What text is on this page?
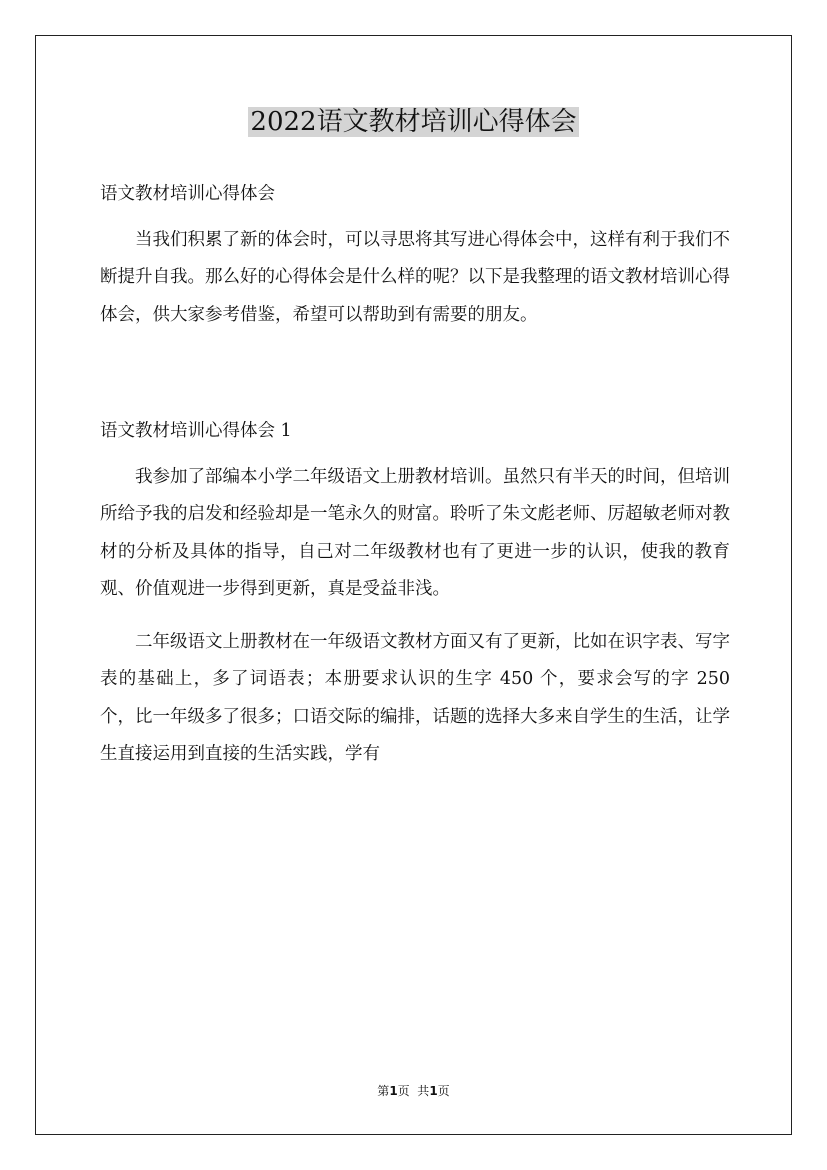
2022语文教材培训心得体会

语文教材培训心得体会

当我们积累了新的体会时，可以寻思将其写进心得体会中，这样有利于我们不断提升自我。那么好的心得体会是什么样的呢？以下是我整理的语文教材培训心得体会，供大家参考借鉴，希望可以帮助到有需要的朋友。

语文教材培训心得体会 1

我参加了部编本小学二年级语文上册教材培训。虽然只有半天的时间，但培训所给予我的启发和经验却是一笔永久的财富。聆听了朱文彪老师、厉超敏老师对教材的分析及具体的指导，自己对二年级教材也有了更进一步的认识，使我的教育观、价值观进一步得到更新，真是受益非浅。

二年级语文上册教材在一年级语文教材方面又有了更新，比如在识字表、写字表的基础上，多了词语表；本册要求认识的生字 450 个，要求会写的字 250 个，比一年级多了很多；口语交际的编排，话题的选择大多来自学生的生活，让学生直接运用到直接的生活实践，学有

第1页  共1页
